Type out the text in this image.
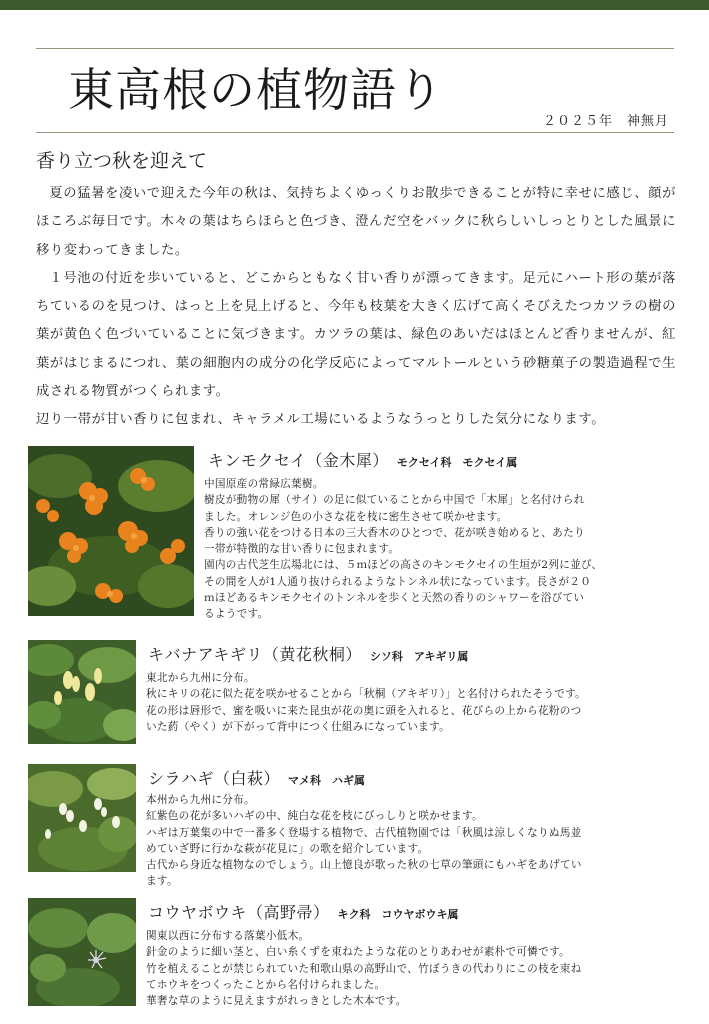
東高根の植物語り
２０２５年　神無月
香り立つ秋を迎えて

夏の猛暑を凌いで迎えた今年の秋は、気持ちよくゆっくりお散歩できることが特に幸せに感じ、顔がほころぶ毎日です。木々の葉はちらほらと色づき、澄んだ空をバックに秋らしいしっとりとした風景に移り変わってきました。

１号池の付近を歩いていると、どこからともなく甘い香りが漂ってきます。足元にハート形の葉が落ちているのを見つけ、はっと上を見上げると、今年も枝葉を大きく広げて高くそびえたつカツラの樹の葉が黄色く色づいていることに気づきます。カツラの葉は、緑色のあいだはほとんど香りませんが、紅葉がはじまるにつれ、葉の細胞内の成分の化学反応によってマルトールという砂糖菓子の製造過程で生成される物質がつくられます。

辺り一帯が甘い香りに包まれ、キャラメル工場にいるようなうっとりした気分になります。

キンモクセイ（金木犀） モクセイ科　モクセイ属
中国原産の常緑広葉樹。
樹皮が動物の犀（サイ）の足に似ていることから中国で「木犀」と名付けられ
ました。オレンジ色の小さな花を枝に密生させて咲かせます。
香りの強い花をつける日本の三大香木のひとつで、花が咲き始めると、あたり
一帯が特徴的な甘い香りに包まれます。
園内の古代芝生広場北には、５ｍほどの高さのキンモクセイの生垣が2列に並び、
その間を人が1人通り抜けられるようなトンネル状になっています。長さが２０
ｍほどあるキンモクセイのトンネルを歩くと天然の香りのシャワーを浴びてい
るようです。
キバナアキギリ（黄花秋桐） シソ科　アキギリ属
東北から九州に分布。
秋にキリの花に似た花を咲かせることから「秋桐（アキギリ）」と名付けられたそうです。
花の形は唇形で、蜜を吸いに来た昆虫が花の奥に頭を入れると、花びらの上から花粉のつ
いた葯（やく）が下がって背中につく仕組みになっています。
シラハギ（白萩） マメ科　ハギ属
本州から九州に分布。
紅紫色の花が多いハギの中、純白な花を枝にびっしりと咲かせます。
ハギは万葉集の中で一番多く登場する植物で、古代植物園では「秋風は涼しくなりぬ馬並
めていざ野に行かな萩が花見に」の歌を紹介しています。
古代から身近な植物なのでしょう。山上憶良が歌った秋の七草の筆頭にもハギをあげてい
ます。
コウヤボウキ（高野帚） キク科　コウヤボウキ属
関東以西に分布する落葉小低木。
針金のように細い茎と、白い糸くずを束ねたような花のとりあわせが素朴で可憐です。
竹を植えることが禁じられていた和歌山県の高野山で、竹ぼうきの代わりにこの枝を束ね
てホウキをつくったことから名付けられました。
華奢な草のように見えますがれっきとした木本です。
